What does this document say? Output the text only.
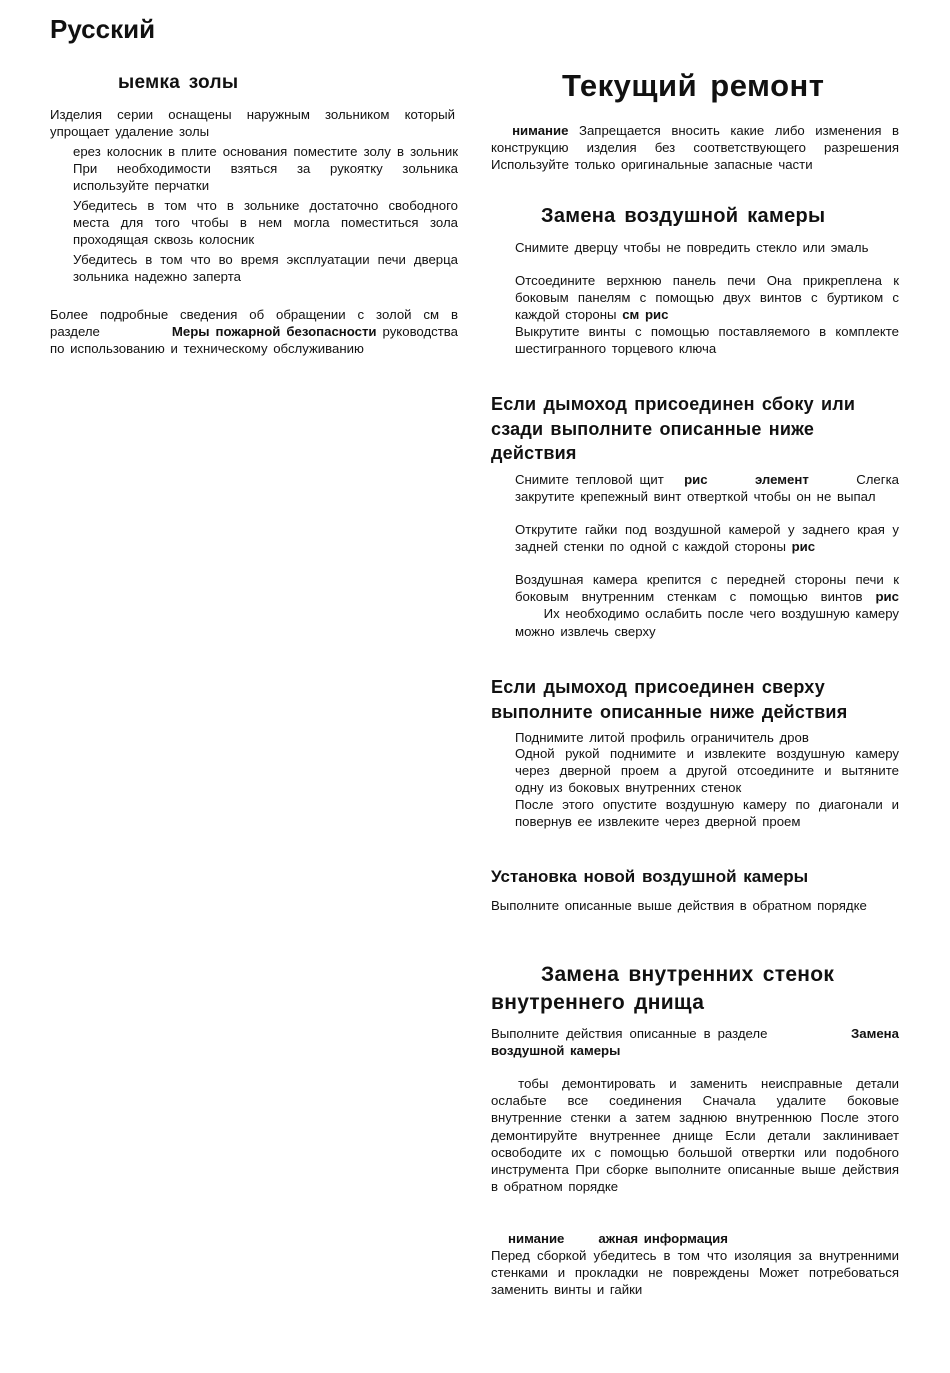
Русский
ыемка золы

Изделия серии оснащены наружным зольником который упрощает удаление золы

ерез колосник в плите основания поместите золу в зольник При необходимости взяться за рукоятку зольника используйте перчатки

Убедитесь в том что в зольнике достаточно свободного места для того чтобы в нем могла поместиться зола проходящая сквозь колосник

Убедитесь в том что во время эксплуатации печи дверца зольника надежно заперта

Более подробные сведения об обращении с золой см в разделе	Меры пожарной безопасности руководства по использованию и техническому обслуживанию

Текущий ремонт

нимание Запрещается вносить какие либо изменения в конструкцию изделия без соответствующего разрешения Используйте только оригинальные запасные части

Замена воздушной камеры

Снимите дверцу чтобы не повредить стекло или эмаль

Отсоедините верхнюю панель печи Она прикреплена к боковым панелям с помощью двух винтов с буртиком с каждой стороны см рис

Выкрутите винты с помощью поставляемого в комплекте шестигранного торцевого ключа

Если дымоход присоединен сбоку или сзади выполните описанные ниже действия

Снимите тепловой щит рис	элемент	Слегка закрутите крепежный винт отверткой чтобы он не выпал

Открутите гайки под воздушной камерой у заднего края у задней стенки по одной с каждой стороны рис

Воздушная камера крепится с передней стороны печи к боковым внутренним стенкам с помощью винтов рис      Их необходимо ослабить после чего воздушную камеру можно извлечь сверху

Если дымоход присоединен сверху выполните описанные ниже действия

Поднимите литой профиль ограничитель дров

Одной рукой поднимите и извлеките воздушную камеру через дверной проем а другой отсоедините и вытяните одну из боковых внутренних стенок

После этого опустите воздушную камеру по диагонали и повернув ее извлеките через дверной проем

Установка новой воздушной камеры

Выполните описанные выше действия в обратном порядке

Замена внутренних стенок
внутреннего днища

Выполните действия описанные в разделе	Замена воздушной камеры

тобы демонтировать и заменить неисправные детали ослабьте все соединения Сначала удалите боковые внутренние стенки а затем заднюю внутреннюю После этого демонтируйте внутреннее днище Если детали заклинивает освободите их с помощью большой отвертки или подобного инструмента При сборке выполните описанные выше действия в обратном порядке

нимание	ажная информация

Перед сборкой убедитесь в том что изоляция за внутренними стенками и прокладки не повреждены Может потребоваться заменить винты и гайки
